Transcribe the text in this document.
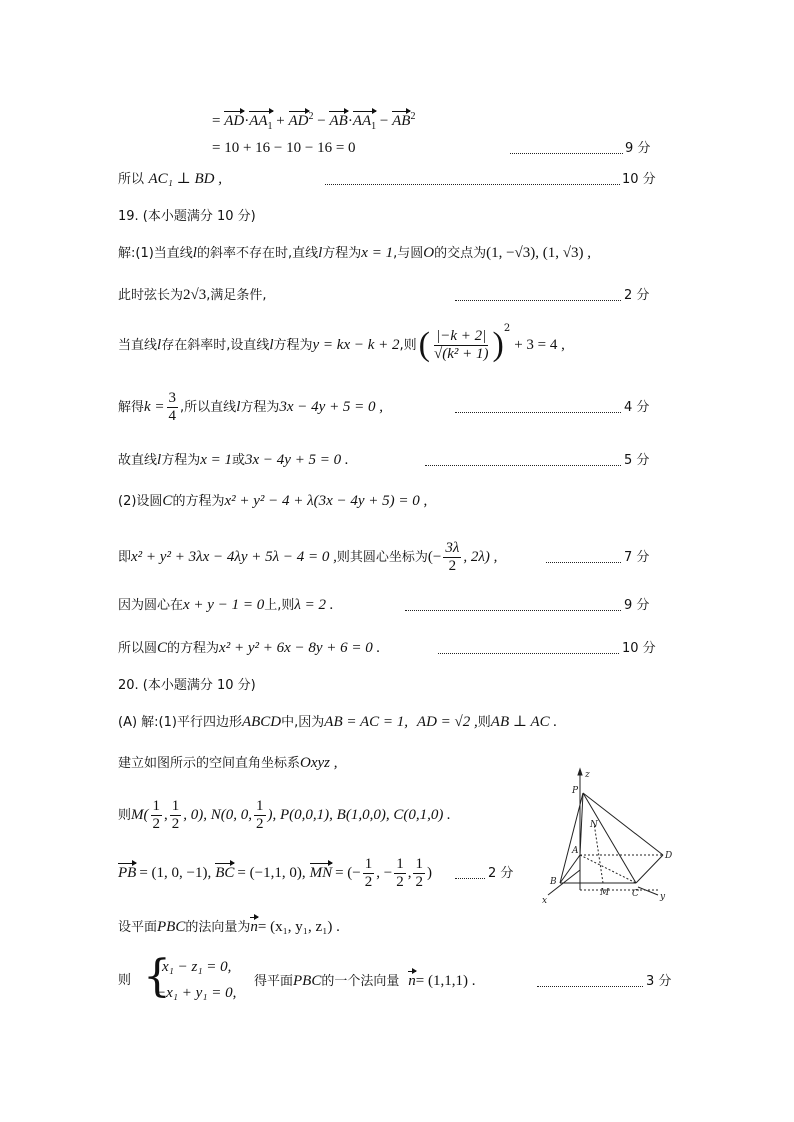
= $AD\cdot AA_1 + AD^2 - AB\cdot AA_1 - AB^2$
= 10 + 16 − 10 − 16 = 0	9 分
所以 AC₁ ⊥ BD ,	10 分
19. (本小题满分 10 分)
解:(1)当直线l的斜率不存在时,直线l方程为x = 1,与圆O的交点为(1, −√3), (1, √3) ,
此时弦长为2√3,满足条件,	2 分
当直线 l 存在斜率时,设直线 l 方程为 y = kx − k + 2 ,则 ( $\frac{|-k + 2|}{\text{√(k² + 1)}} )^2$
+ 3 = 4 ,
解得 $k = \frac{3}{4}$ ,所以直线 l 方程为 3x − 4y + 5 = 0 ,	4 分
故直线l方程为x = 1或3x − 4y + 5 = 0 .	5 分
(2)设圆C的方程为x² + y² − 4 + λ(3x − 4y + 5) = 0 ,
即 x² + y² + 3λx − 4λy + 5λ − 4 = 0 , 则其圆心坐标为 (− $\frac{3\lambda}{2}$ , 2λ) ,	7 分
因为圆心在x + y − 1 = 0上,则λ = 2 .	9 分
所以圆C的方程为x² + y² + 6x − 8y + 6 = 0 .	10 分
20. (本小题满分 10 分)
(A) 解:(1)平行四边形ABCD中,因为AB = AC = 1, AD = √2 ,则AB ⊥ AC .
建立如图所示的空间直角坐标系Oxyz ,
则 $M( \frac{1}{2}$ , $\frac{1}{2}$ , 0), N(0, 0, $\frac{1}{2}$ ), P(0,0,1), B(1,0,0), C(0,1,0) .
PB = (1, 0, −1), BC = (−1,1, 0), MN = (− $\frac{1}{2}$ , − $\frac{1}{2}$ , $\frac{1}{2}$ )	2 分
设平面PBC的法向量为n= (x₁, y₁, z₁) .
则 {
x₁ − z₁ = 0,
−x₁ + y₁ = 0,
得平面PBC的一个法向量 n= (1,1,1) .	3 分
z
P
N
A	D
B
M	C
x	y
